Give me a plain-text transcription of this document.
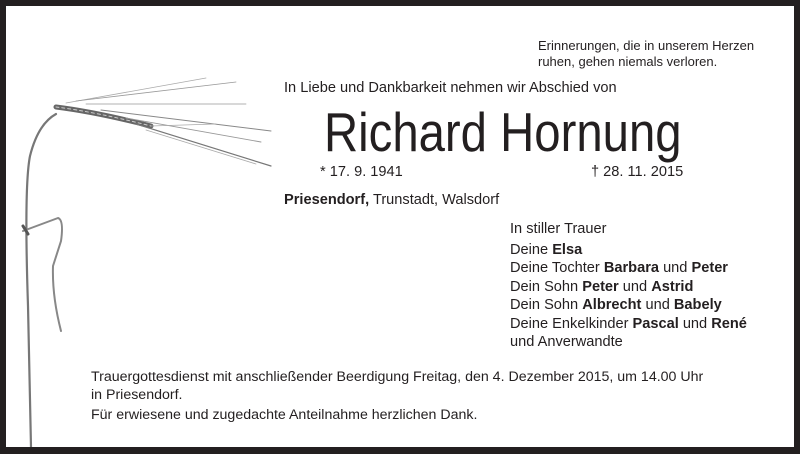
Erinnerungen, die in unserem Herzen
ruhen, gehen niemals verloren.
In Liebe und Dankbarkeit nehmen wir Abschied von
Richard Hornung
* 17. 9. 1941	† 28. 11. 2015
Priesendorf, Trunstadt, Walsdorf
In stiller Trauer
Deine Elsa
Deine Tochter Barbara und Peter
Dein Sohn Peter und Astrid
Dein Sohn Albrecht und Babely
Deine Enkelkinder Pascal und René
und Anverwandte
Trauergottesdienst mit anschließender Beerdigung Freitag, den 4. Dezember 2015, um 14.00 Uhr
in Priesendorf.
Für erwiesene und zugedachte Anteilnahme herzlichen Dank.
